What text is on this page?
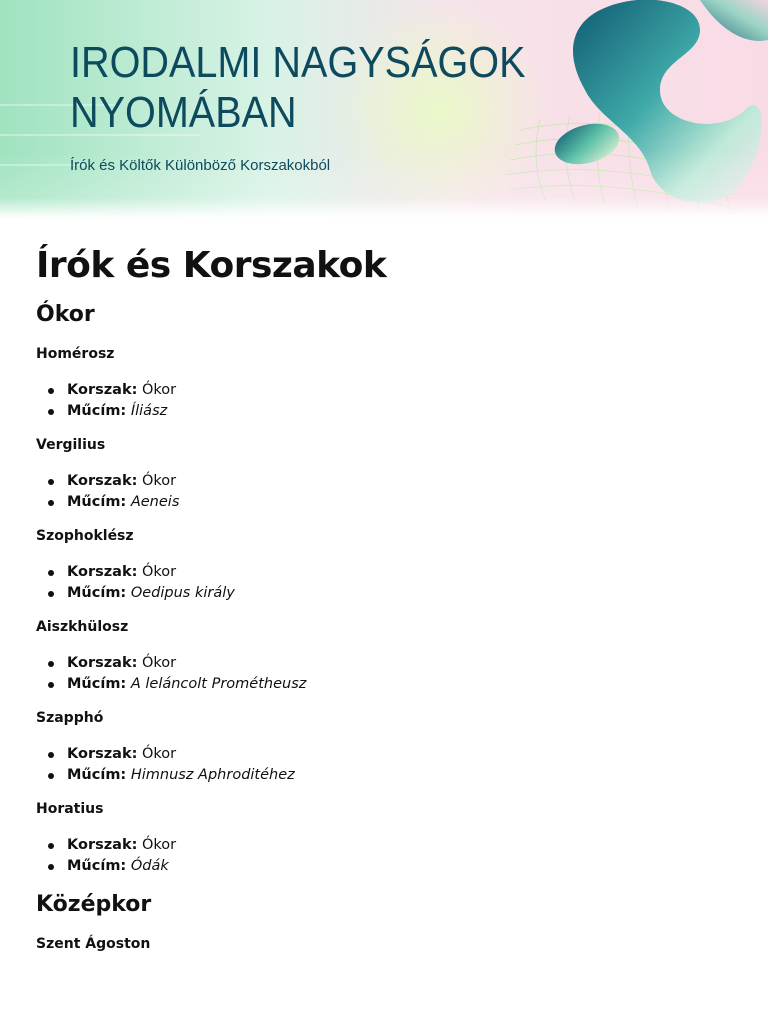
IRODALMI NAGYSÁGOK
NYOMÁBAN
Írók és Költők Különböző Korszakokból
Írók és Korszakok
Ókor
Homérosz
Korszak: Ókor
Műcím: Íliász
Vergilius
Korszak: Ókor
Műcím: Aeneis
Szophoklész
Korszak: Ókor
Műcím: Oedipus király
Aiszkhülosz
Korszak: Ókor
Műcím: A leláncolt Prométheusz
Szapphó
Korszak: Ókor
Műcím: Himnusz Aphroditéhez
Horatius
Korszak: Ókor
Műcím: Ódák
Középkor
Szent Ágoston
